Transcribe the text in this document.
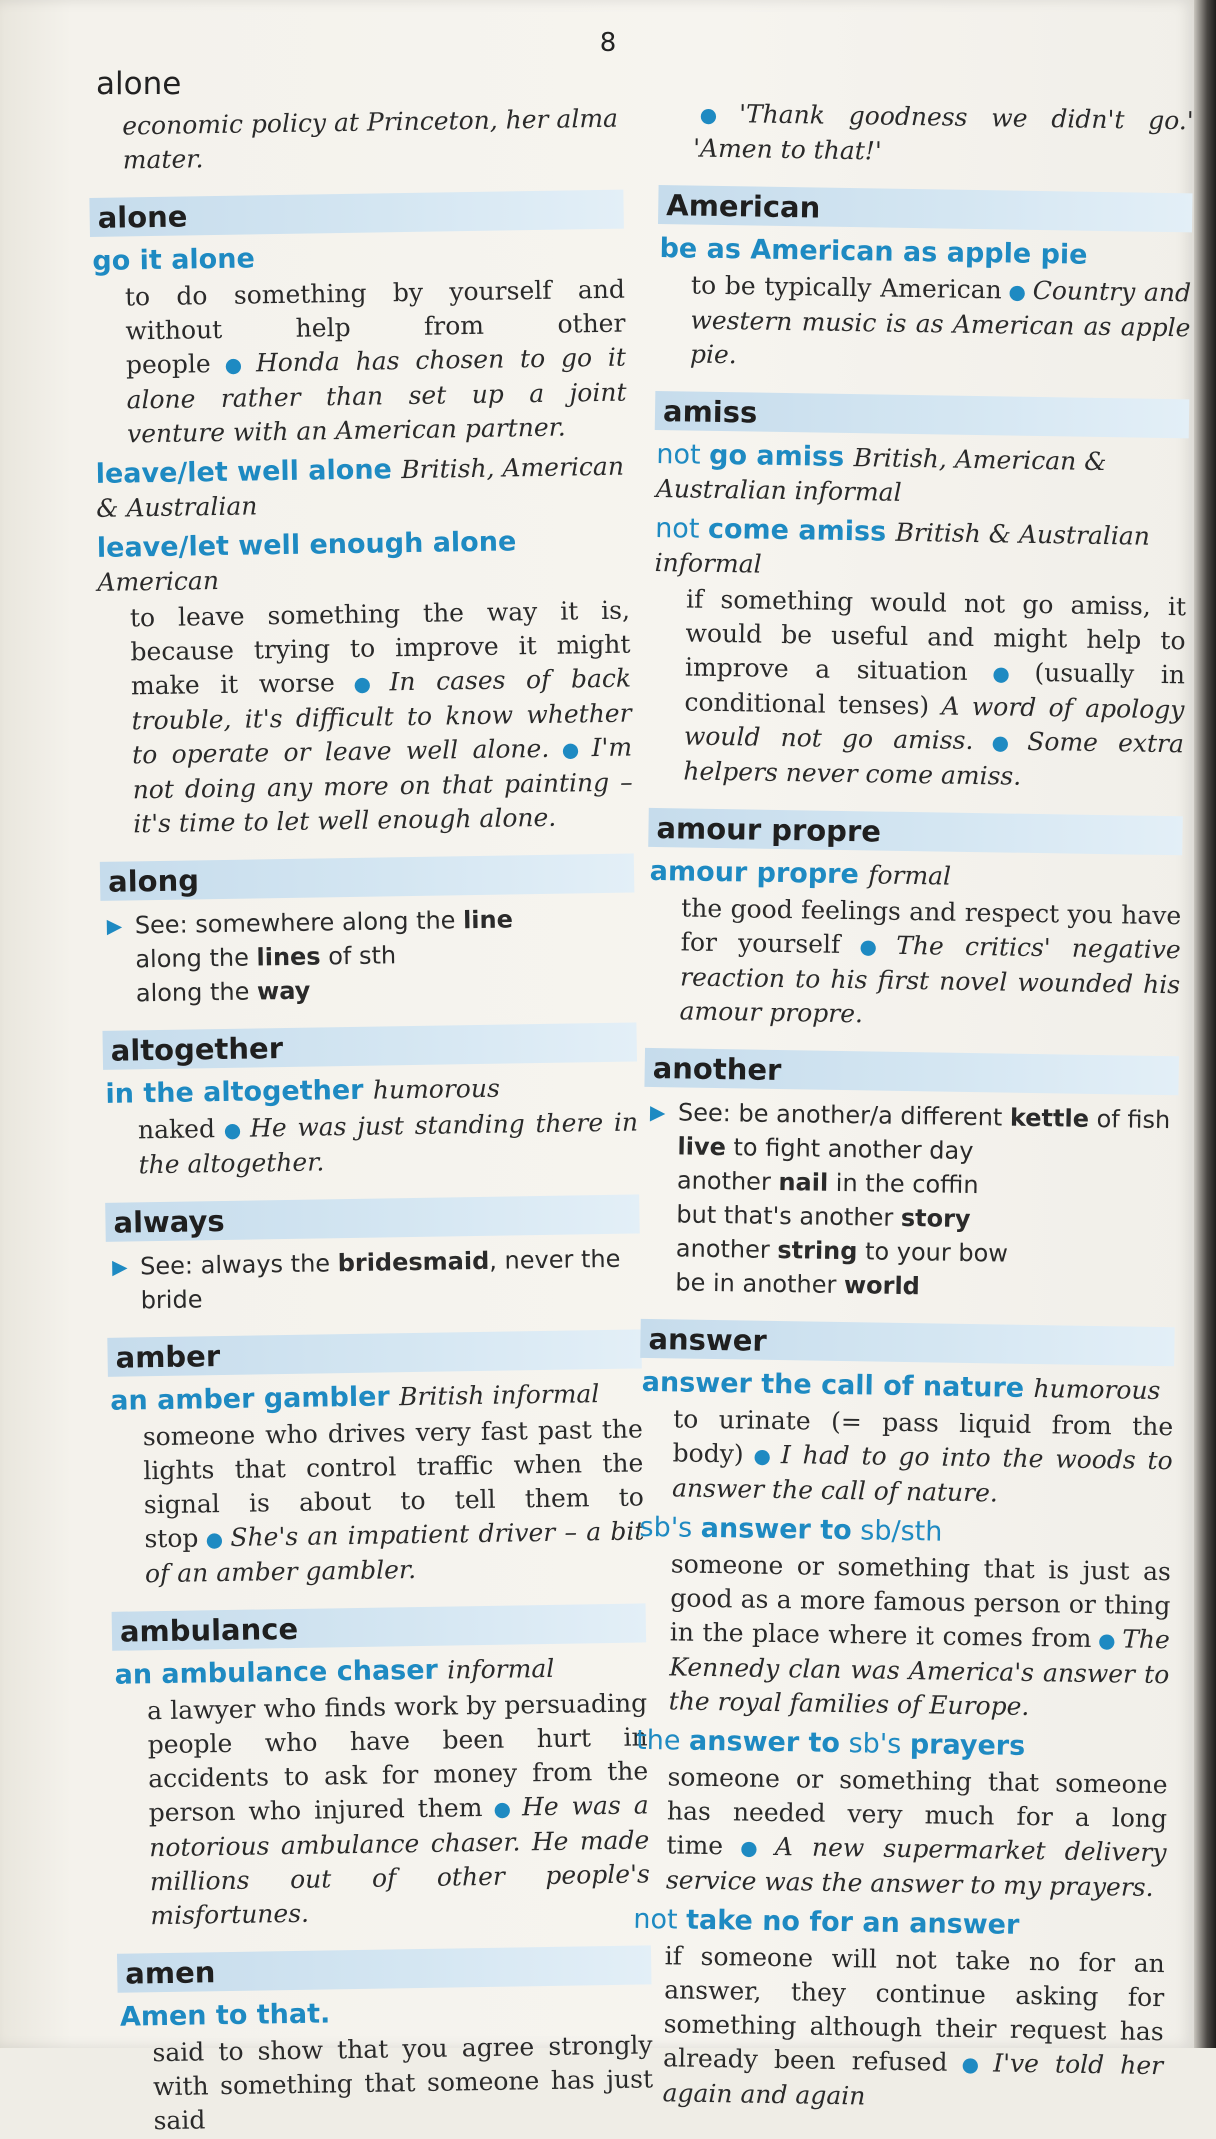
8
alone
economic policy at Princeton, her alma mater.
alone
go it alone
to do something by yourself and without help from other people ● Honda has chosen to go it alone rather than set up a joint venture with an American partner.
leave/let well alone British, American & Australian
leave/let well enough alone American
to leave something the way it is, because trying to improve it might make it worse ● In cases of back trouble, it's difficult to know whether to operate or leave well alone. ● I'm not doing any more on that painting – it's time to let well enough alone.
along
▶ See: somewhere along the line
along the lines of sth
along the way
altogether
in the altogether humorous
naked ● He was just standing there in the altogether.
always
▶ See: always the bridesmaid, never the bride
amber
an amber gambler British informal
someone who drives very fast past the lights that control traffic when the signal is about to tell them to stop ● She's an impatient driver – a bit of an amber gambler.
ambulance
an ambulance chaser informal
a lawyer who finds work by persuading people who have been hurt in accidents to ask for money from the person who injured them ● He was a notorious ambulance chaser. He made millions out of other people's misfortunes.
amen
Amen to that.
said to show that you agree strongly with something that someone has just said
● 'Thank goodness we didn't go.' 'Amen to that!'
American
be as American as apple pie
to be typically American ● Country and western music is as American as apple pie.
amiss
not go amiss British, American & Australian informal
not come amiss British & Australian informal
if something would not go amiss, it would be useful and might help to improve a situation ● (usually in conditional tenses) A word of apology would not go amiss. ● Some extra helpers never come amiss.
amour propre
amour propre formal
the good feelings and respect you have for yourself ● The critics' negative reaction to his first novel wounded his amour propre.
another
▶ See: be another/a different kettle of fish
live to fight another day
another nail in the coffin
but that's another story
another string to your bow
be in another world
answer
answer the call of nature humorous
to urinate (= pass liquid from the body) ● I had to go into the woods to answer the call of nature.
sb's answer to sb/sth
someone or something that is just as good as a more famous person or thing in the place where it comes from ● The Kennedy clan was America's answer to the royal families of Europe.
the answer to sb's prayers
someone or something that someone has needed very much for a long time ● A new supermarket delivery service was the answer to my prayers.
not take no for an answer
if someone will not take no for an answer, they continue asking for something although their request has already been refused ● I've told her again and again
